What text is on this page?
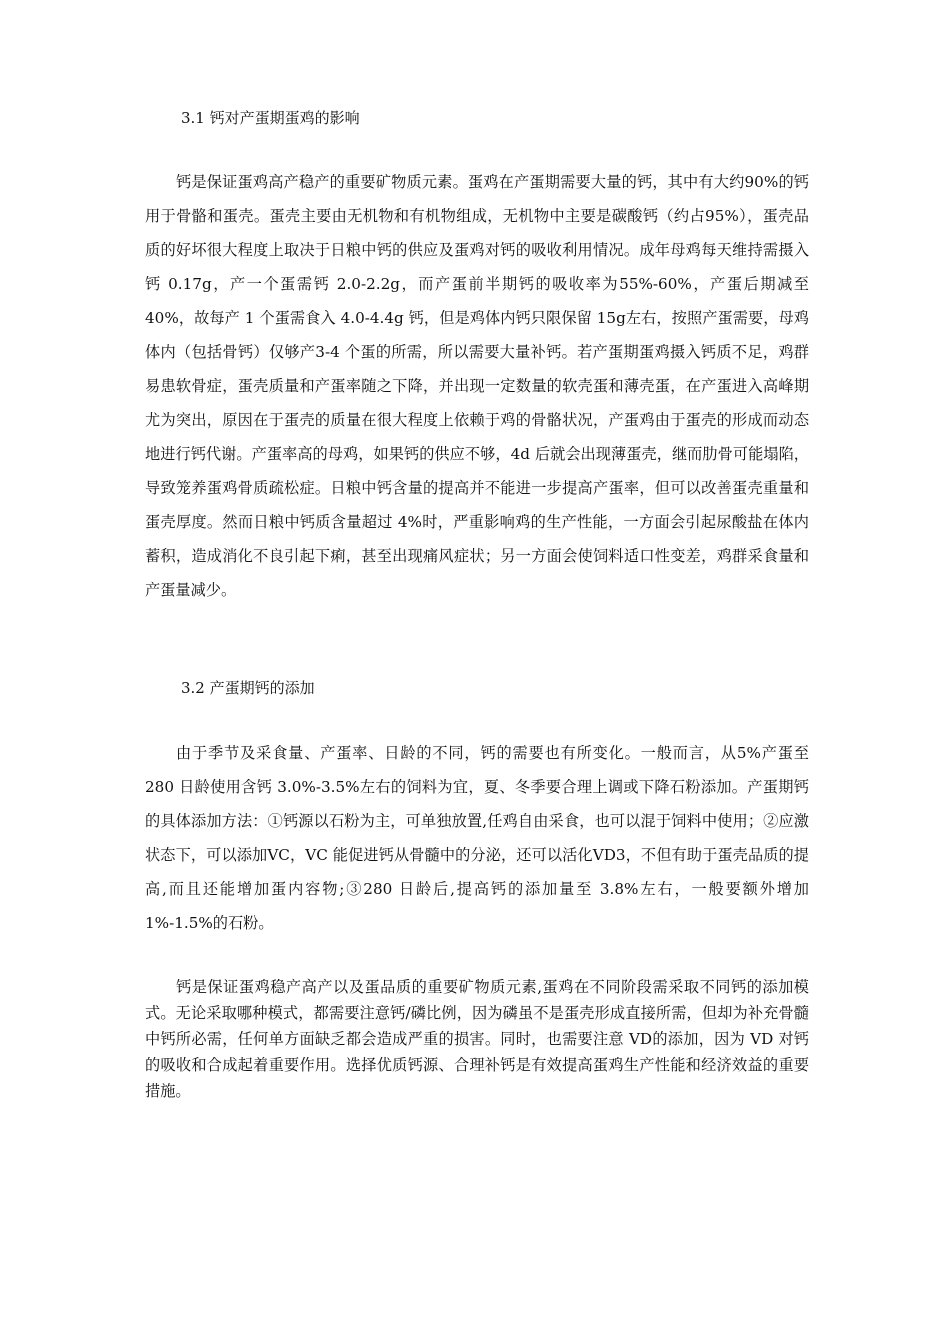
3.1 钙对产蛋期蛋鸡的影响

钙是保证蛋鸡高产稳产的重要矿物质元素。蛋鸡在产蛋期需要大量的钙，其中有大约90%的钙用于骨骼和蛋壳。蛋壳主要由无机物和有机物组成，无机物中主要是碳酸钙（约占95%），蛋壳品质的好坏很大程度上取决于日粮中钙的供应及蛋鸡对钙的吸收利用情况。成年母鸡每天维持需摄入钙 0.17g，产一个蛋需钙 2.0-2.2g，而产蛋前半期钙的吸收率为55%-60%，产蛋后期减至 40%，故每产 1 个蛋需食入 4.0-4.4g 钙，但是鸡体内钙只限保留 15g左右，按照产蛋需要，母鸡体内（包括骨钙）仅够产3-4 个蛋的所需，所以需要大量补钙。若产蛋期蛋鸡摄入钙质不足，鸡群易患软骨症，蛋壳质量和产蛋率随之下降，并出现一定数量的软壳蛋和薄壳蛋，在产蛋进入高峰期尤为突出，原因在于蛋壳的质量在很大程度上依赖于鸡的骨骼状况，产蛋鸡由于蛋壳的形成而动态地进行钙代谢。产蛋率高的母鸡，如果钙的供应不够，4d 后就会出现薄蛋壳，继而肋骨可能塌陷，导致笼养蛋鸡骨质疏松症。日粮中钙含量的提高并不能进一步提高产蛋率，但可以改善蛋壳重量和蛋壳厚度。然而日粮中钙质含量超过 4%时，严重影响鸡的生产性能，一方面会引起尿酸盐在体内蓄积，造成消化不良引起下痢，甚至出现痛风症状；另一方面会使饲料适口性变差，鸡群采食量和产蛋量减少。

3.2 产蛋期钙的添加

由于季节及采食量、产蛋率、日龄的不同，钙的需要也有所变化。一般而言，从5%产蛋至 280 日龄使用含钙 3.0%-3.5%左右的饲料为宜，夏、冬季要合理上调或下降石粉添加。产蛋期钙的具体添加方法：①钙源以石粉为主，可单独放置,任鸡自由采食，也可以混于饲料中使用；②应激状态下，可以添加VC，VC 能促进钙从骨髓中的分泌，还可以活化VD3，不但有助于蛋壳品质的提高,而且还能增加蛋内容物;③280 日龄后,提高钙的添加量至 3.8%左右，一般要额外增加 1%-1.5%的石粉。

钙是保证蛋鸡稳产高产以及蛋品质的重要矿物质元素,蛋鸡在不同阶段需采取不同钙的添加模式。无论采取哪种模式，都需要注意钙/磷比例，因为磷虽不是蛋壳形成直接所需，但却为补充骨髓中钙所必需，任何单方面缺乏都会造成严重的损害。同时，也需要注意 VD的添加，因为 VD 对钙的吸收和合成起着重要作用。选择优质钙源、合理补钙是有效提高蛋鸡生产性能和经济效益的重要措施。
